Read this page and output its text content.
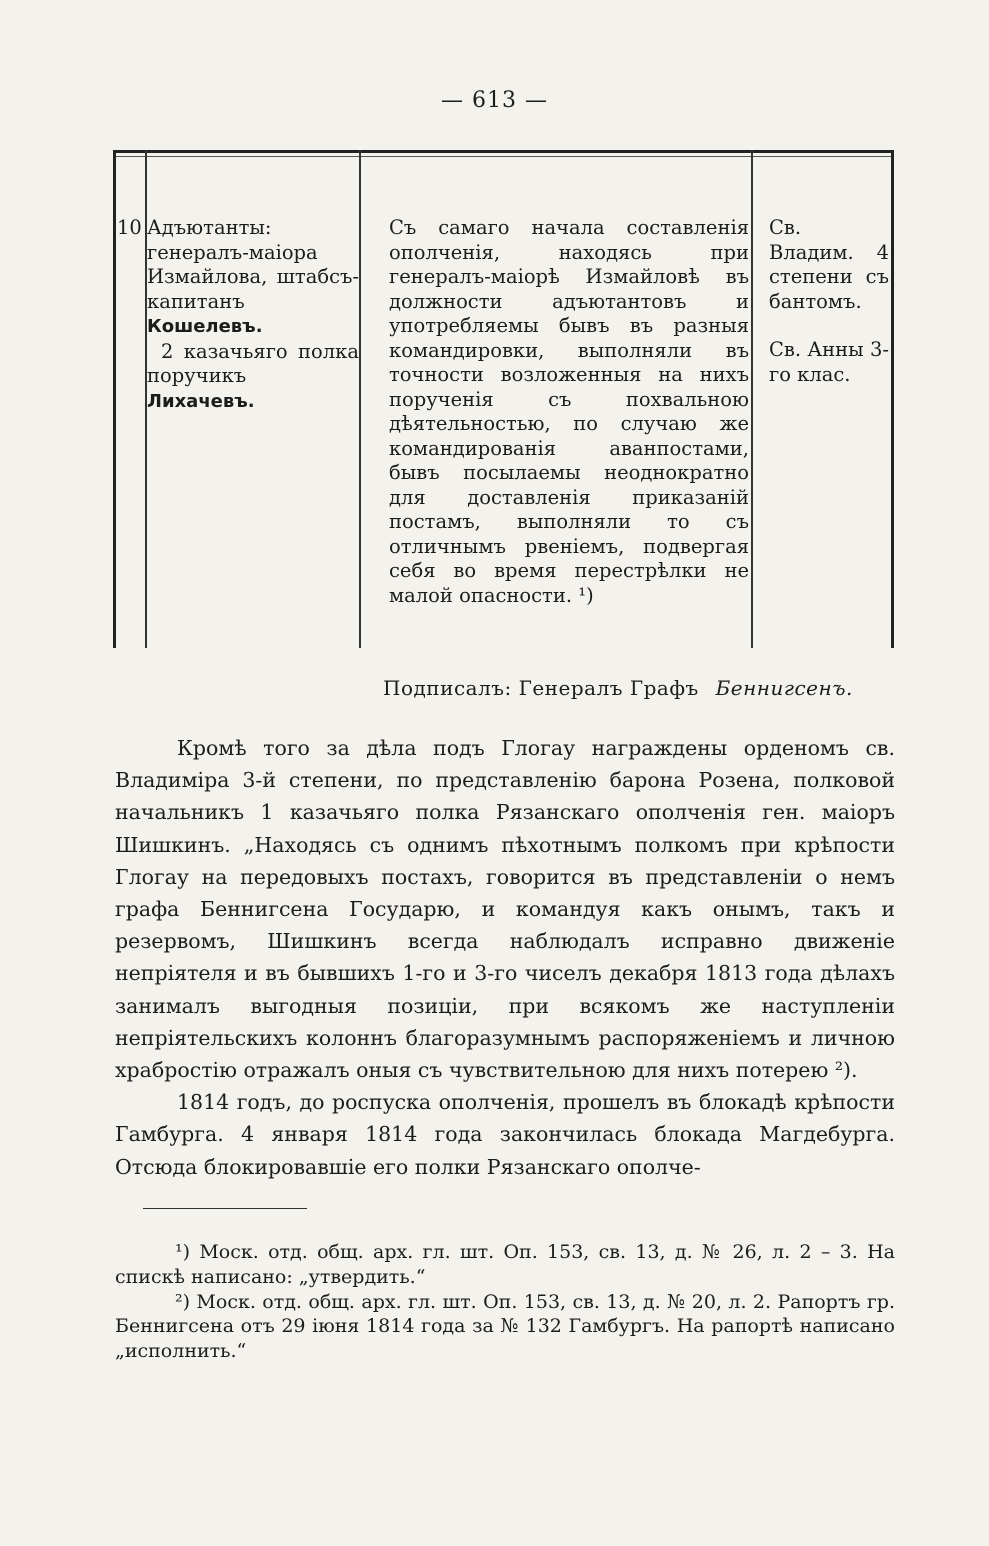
— 613 —
10 Адъютанты: генералъ-маіора Измайлова, штабсъ-капитанъ Кошелевъ.

2 казачьяго полка поручикъ Лихачевъ.

Съ самаго начала составленія ополченія, находясь при генералъ-маіорѣ Измайловѣ въ должности адъютантовъ и употребляемы бывъ въ разныя командировки, выполняли въ точности возложенныя на нихъ порученія съ похвальною дѣятельностью, по случаю же командированія аванпостами, бывъ посылаемы неоднократно для доставленія приказаній постамъ, выполняли то съ отличнымъ рвеніемъ, подвергая себя во время перестрѣлки не малой опасности. ¹)

Св. Владим. 4 степени съ бантомъ.

Св. Анны 3-го клас.

Подписалъ: Генералъ Графъ Беннигсенъ.

Кромѣ того за дѣла подъ Глогау награждены орденомъ св. Владиміра 3-й степени, по представленію барона Розена, полковой начальникъ 1 казачьяго полка Рязанскаго ополченія ген. маіоръ Шишкинъ. „Находясь съ однимъ пѣхотнымъ полкомъ при крѣпости Глогау на передовыхъ постахъ, говорится въ представленіи о немъ графа Беннигсена Государю, и командуя какъ онымъ, такъ и резервомъ, Шишкинъ всегда наблюдалъ исправно движеніе непріятеля и въ бывшихъ 1-го и 3-го чиселъ декабря 1813 года дѣлахъ занималъ выгодныя позиціи, при всякомъ же наступленіи непріятельскихъ колоннъ благоразумнымъ распоряженіемъ и личною храбростію отражалъ оныя съ чувствительною для нихъ потерею ²).

1814 годъ, до роспуска ополченія, прошелъ въ блокадѣ крѣпости Гамбурга. 4 января 1814 года закончилась блокада Магдебурга. Отсюда блокировавшіе его полки Рязанскаго ополче-

¹) Моск. отд. общ. арх. гл. шт. Оп. 153, св. 13, д. № 26, л. 2 – 3. На спискѣ написано: „утвердить.“

²) Моск. отд. общ. арх. гл. шт. Оп. 153, св. 13, д. № 20, л. 2. Рапортъ гр. Беннигсена отъ 29 іюня 1814 года за № 132 Гамбургъ. На рапортѣ написано „исполнить.“
